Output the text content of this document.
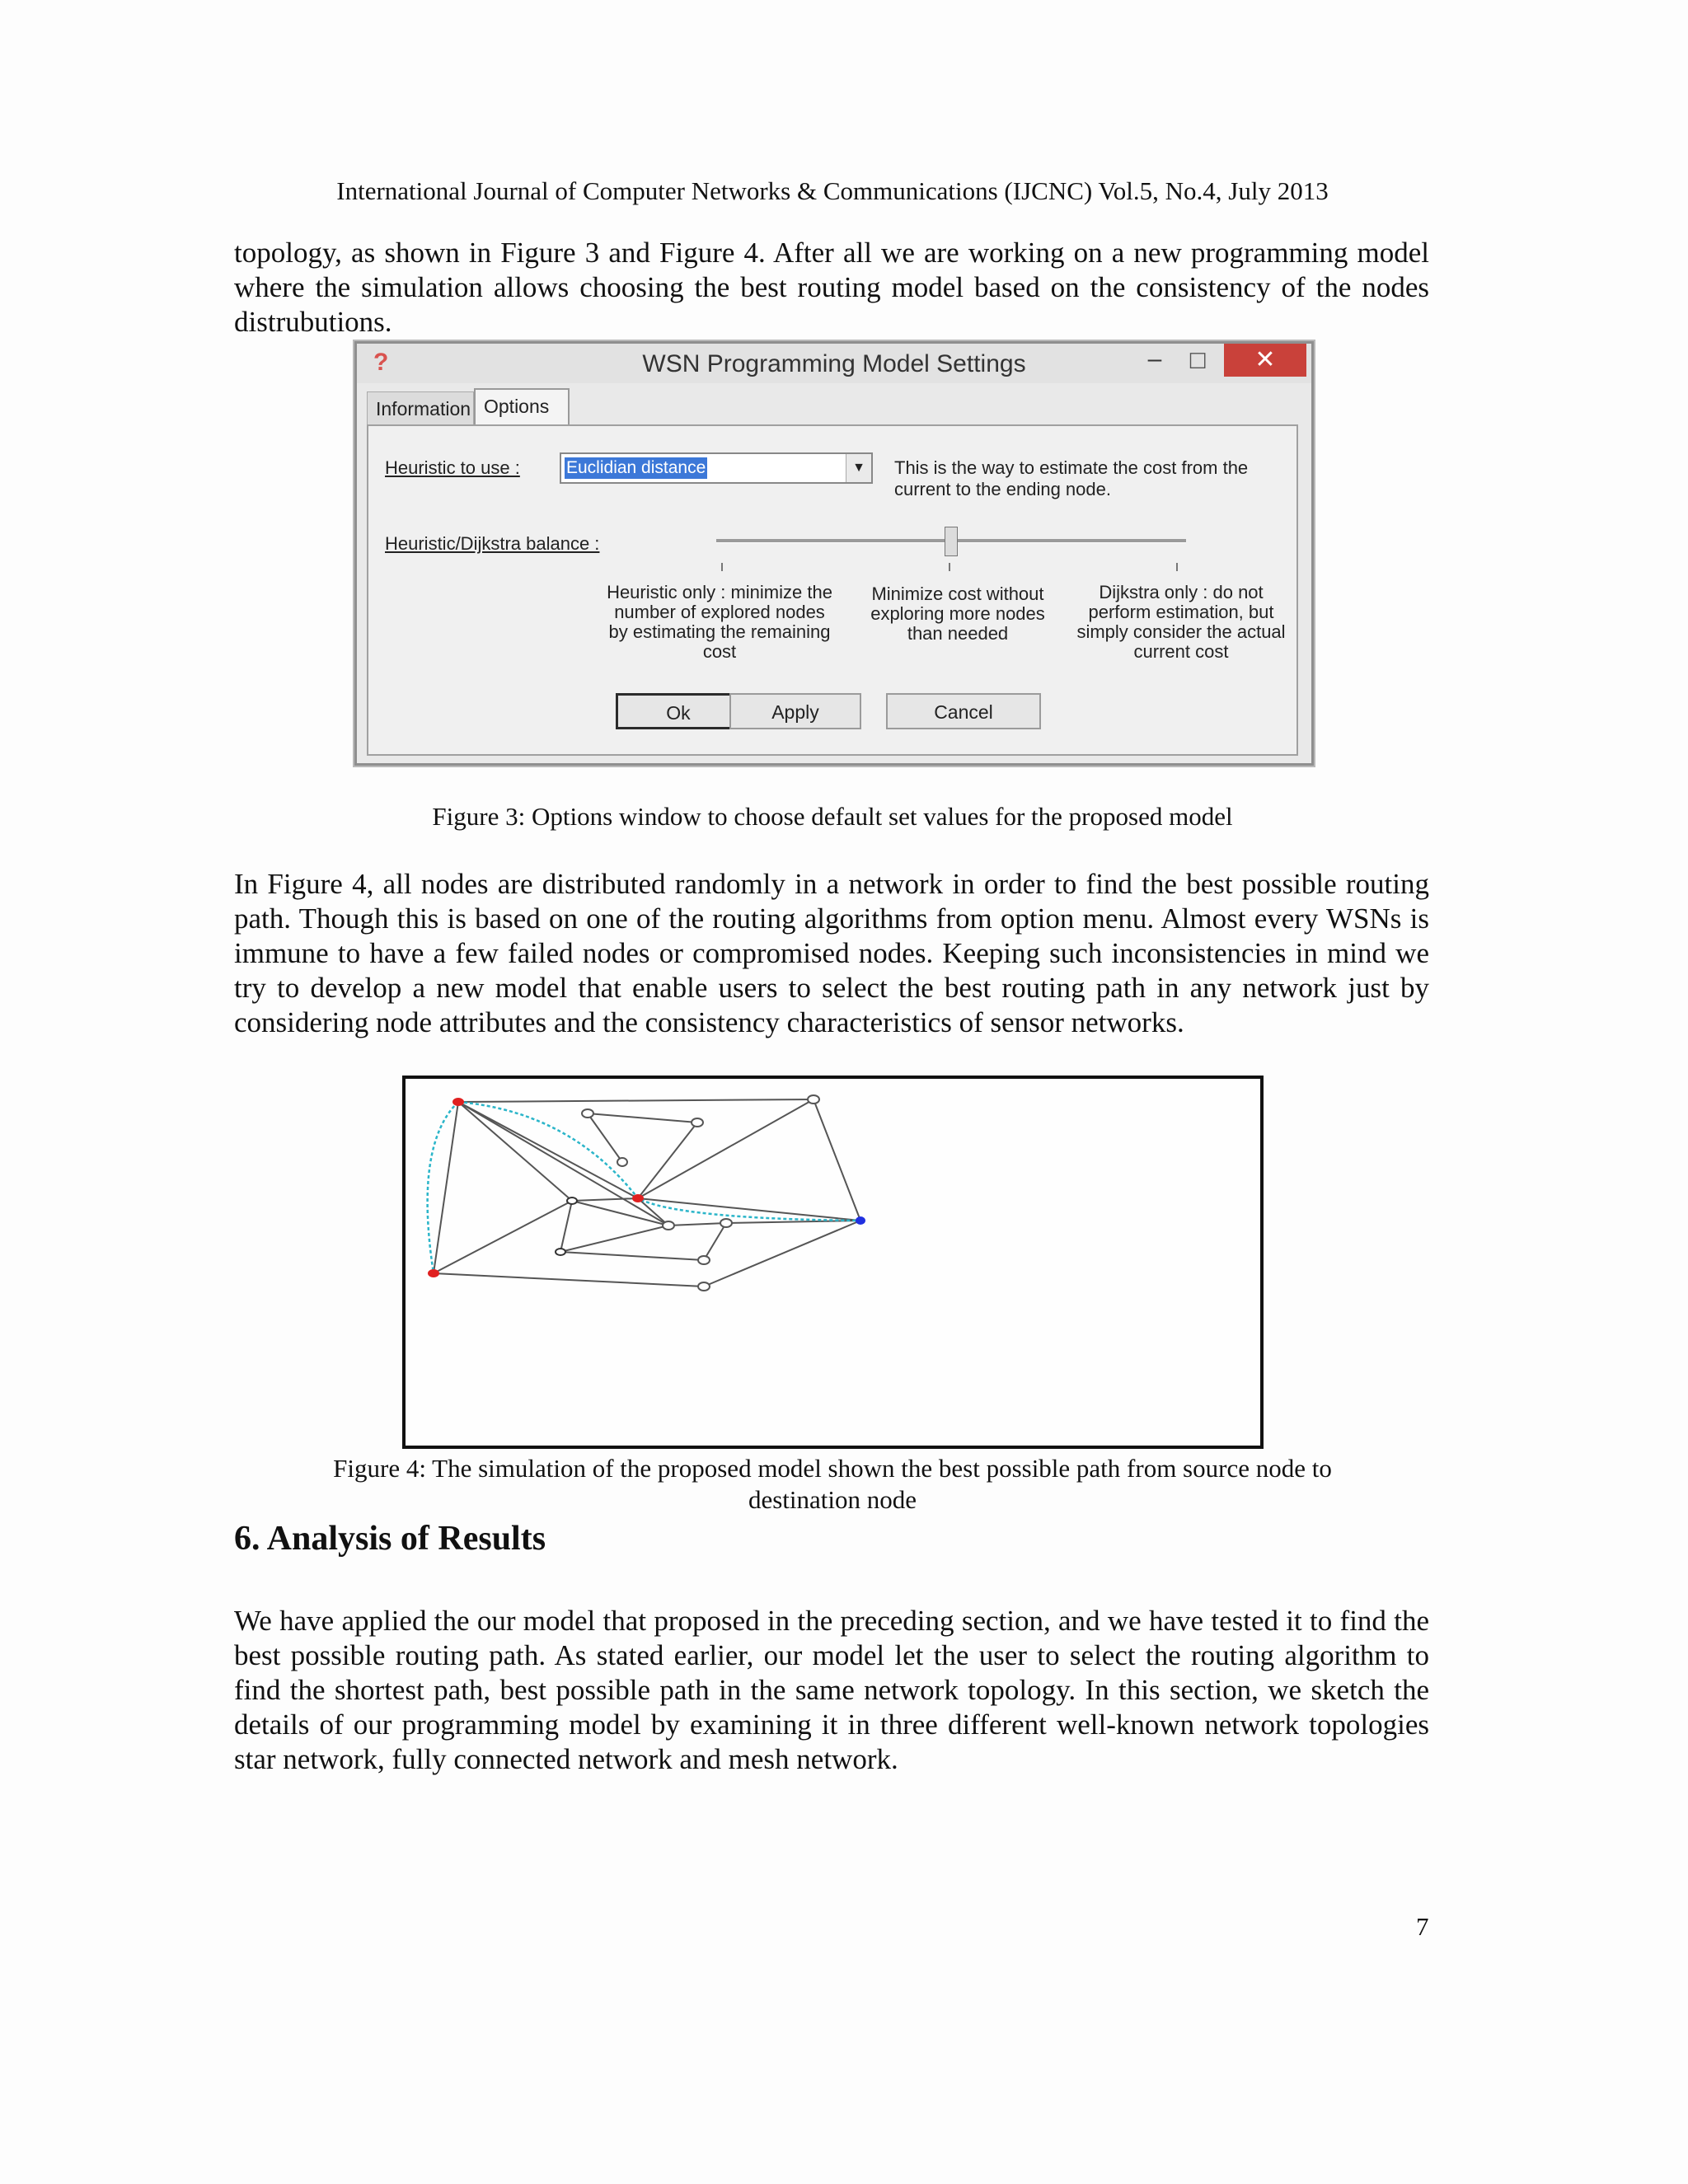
International Journal of Computer Networks & Communications (IJCNC) Vol.5, No.4, July 2013
topology, as shown in Figure 3 and Figure 4. After all we are working on a new programming model where the simulation allows choosing the best routing model based on the consistency of the nodes distrubutions.
?	WSN Programming Model Settings	–	☐	✕
Information Options
Heuristic to use :	Euclidian distance	▼	This is the way to estimate the cost from the current to the ending node.
Heuristic/Dijkstra balance :
Heuristic only : minimize the number of explored nodes by estimating the remaining cost
Minimize cost without exploring more nodes than needed
Dijkstra only : do not perform estimation, but simply consider the actual current cost
Ok	Apply	Cancel
Figure 3: Options window to choose default set values for the proposed model
In Figure 4, all nodes are distributed randomly in a network in order to find the best possible routing path. Though this is based on one of the routing algorithms from option menu. Almost every WSNs is immune to have a few failed nodes or compromised nodes. Keeping such inconsistencies in mind we try to develop a new model that enable users to select the best routing path in any network just by considering node attributes and the consistency characteristics of sensor networks.
Figure 4: The simulation of the proposed model shown the best possible path from source node to
destination node
6. Analysis of Results
We have applied the our model that proposed in the preceding section, and we have tested it to find the best possible routing path. As stated earlier, our model let the user to select the routing algorithm to find the shortest path, best possible path in the same network topology. In this section, we sketch the details of our programming model by examining it in three different well-known network topologies star network, fully connected network and mesh network.
7
